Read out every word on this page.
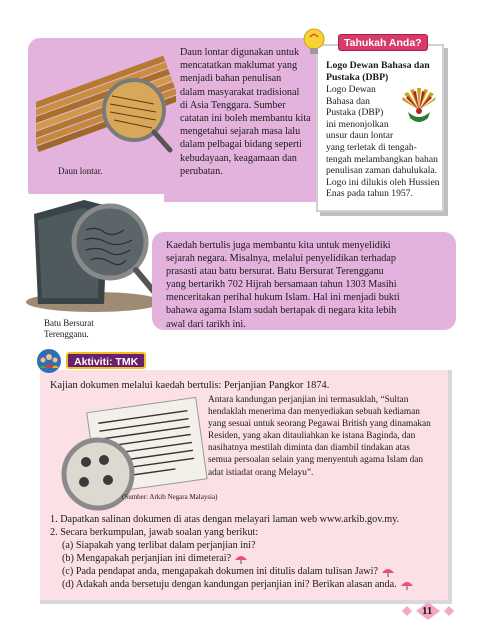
Daun lontar.
Daun lontar digunakan untuk
mencatatkan maklumat yang
menjadi bahan penulisan
dalam masyarakat tradisional
di Asia Tenggara. Sumber
catatan ini boleh membantu kita
mengetahui sejarah masa lalu
dalam pelbagai bidang seperti
kebudayaan, keagamaan dan
perubatan.
Logo Dewan Bahasa dan Pustaka (DBP)
Logo Dewan
Bahasa dan
Pustaka (DBP)
ini menonjolkan
unsur daun lontar
yang terletak di tengah-
tengah melambangkan bahan
penulisan zaman dahulukala.
Logo ini dilukis oleh Hussien
Enas pada tahun 1957.
Tahukah Anda?
Batu Bersurat Terengganu.
Kaedah bertulis juga membantu kita untuk menyelidiki
sejarah negara. Misalnya, melalui penyelidikan terhadap
prasasti atau batu bersurat. Batu Bersurat Terengganu
yang bertarikh 702 Hijrah bersamaan tahun 1303 Masihi
menceritakan perihal hukum Islam. Hal ini menjadi bukti
bahawa agama Islam sudah bertapak di negara kita lebih
awal dari tarikh ini.
Kajian dokumen melalui kaedah bertulis: Perjanjian Pangkor 1874.
(Sumber: Arkib Negara Malaysia)
Antara kandungan perjanjian ini termasuklah, “Sultan
hendaklah menerima dan menyediakan sebuah kediaman
yang sesuai untuk seorang Pegawai British yang dinamakan
Residen, yang akan ditauliahkan ke istana Baginda, dan
nasihatnya mestilah diminta dan diambil tindakan atas
semua persoalan selain yang menyentuh agama Islam dan
adat istiadat orang Melayu”.
1. Dapatkan salinan dokumen di atas dengan melayari laman web www.arkib.gov.my.
2. Secara berkumpulan, jawab soalan yang berikut:
(a) Siapakah yang terlibat dalam perjanjian ini?
(b) Mengapakah perjanjian ini dimeterai?
(c) Pada pendapat anda, mengapakah dokumen ini ditulis dalam tulisan Jawi?
(d) Adakah anda bersetuju dengan kandungan perjanjian ini? Berikan alasan anda.
Aktiviti: TMK
11
